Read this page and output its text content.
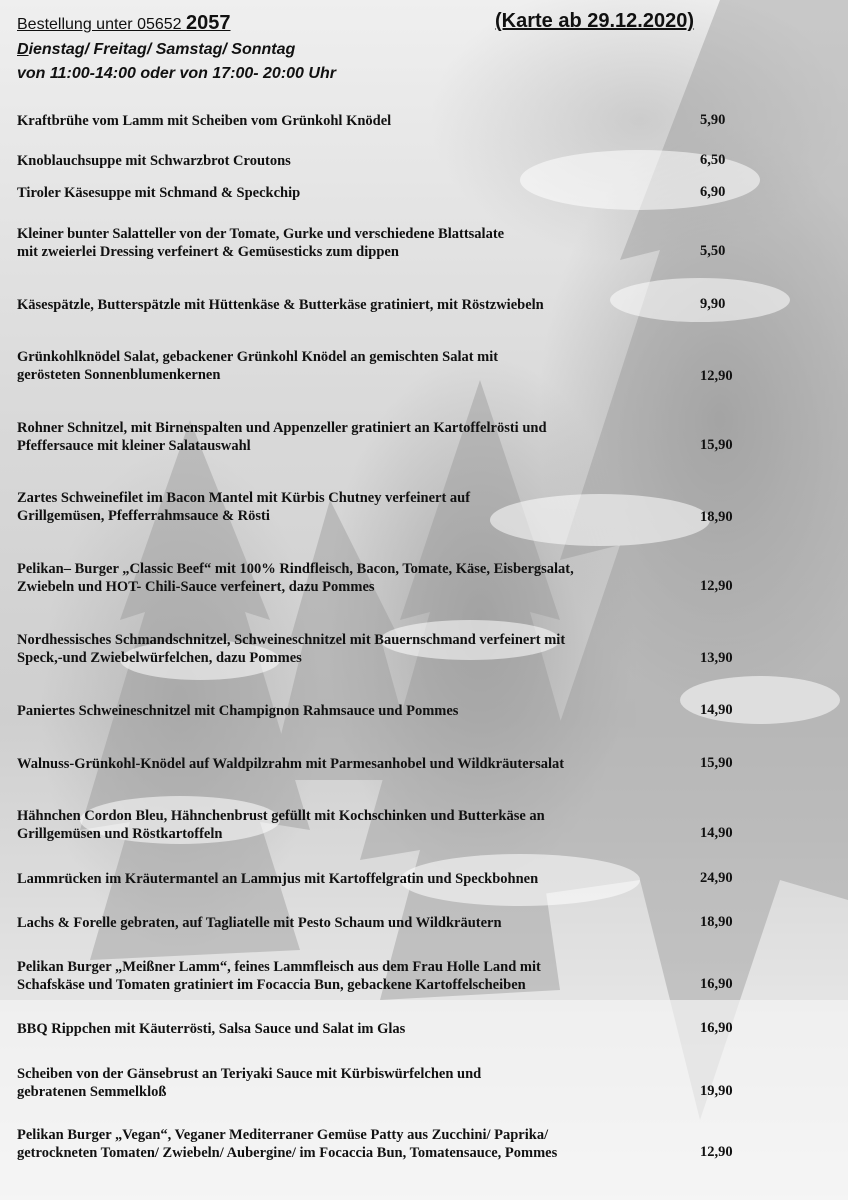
Bestellung unter 05652 2057	(Karte ab 29.12.2020)
Dienstag/ Freitag/ Samstag/ Sonntag
von 11:00-14:00 oder von 17:00- 20:00 Uhr
Kraftbrühe vom Lamm mit Scheiben vom Grünkohl Knödel	5,90
Knoblauchsuppe mit Schwarzbrot Croutons	6,50
Tiroler Käsesuppe mit Schmand & Speckchip	6,90
Kleiner bunter Salatteller von der Tomate, Gurke und verschiedene Blattsalate
mit zweierlei Dressing verfeinert & Gemüsesticks zum dippen	5,50
Käsespätzle, Butterspätzle mit Hüttenkäse & Butterkäse gratiniert, mit Röstzwiebeln	9,90
Grünkohlknödel Salat, gebackener Grünkohl Knödel an gemischten Salat mit
gerösteten Sonnenblumenkernen	12,90
Rohner Schnitzel, mit Birnenspalten und Appenzeller gratiniert an Kartoffelrösti und
Pfeffersauce mit kleiner Salatauswahl	15,90
Zartes Schweinefilet im Bacon Mantel mit Kürbis Chutney verfeinert auf
Grillgemüsen, Pfefferrahmsauce & Rösti	18,90
Pelikan– Burger „Classic Beef“ mit 100% Rindfleisch, Bacon, Tomate, Käse, Eisbergsalat,
Zwiebeln und HOT- Chili-Sauce verfeinert, dazu Pommes	12,90
Nordhessisches Schmandschnitzel, Schweineschnitzel mit Bauernschmand verfeinert mit
Speck,-und Zwiebelwürfelchen, dazu Pommes	13,90
Paniertes Schweineschnitzel mit Champignon Rahmsauce und Pommes	14,90
Walnuss-Grünkohl-Knödel auf Waldpilzrahm mit Parmesanhobel und Wildkräutersalat	15,90
Hähnchen Cordon Bleu, Hähnchenbrust gefüllt mit Kochschinken und Butterkäse an
Grillgemüsen und Röstkartoffeln	14,90
Lammrücken im Kräutermantel an Lammjus mit Kartoffelgratin und Speckbohnen	24,90
Lachs & Forelle gebraten, auf Tagliatelle mit Pesto Schaum und Wildkräutern	18,90
Pelikan Burger „Meißner Lamm“, feines Lammfleisch aus dem Frau Holle Land mit
Schafskäse und Tomaten gratiniert im Focaccia Bun, gebackene Kartoffelscheiben	16,90
BBQ Rippchen mit Käuterrösti, Salsa Sauce und Salat im Glas	16,90
Scheiben von der Gänsebrust an Teriyaki Sauce mit Kürbiswürfelchen und
gebratenen Semmelkloß	19,90
Pelikan Burger „Vegan“, Veganer Mediterraner Gemüse Patty aus Zucchini/ Paprika/
getrockneten Tomaten/ Zwiebeln/ Aubergine/ im Focaccia Bun, Tomatensauce, Pommes	12,90
